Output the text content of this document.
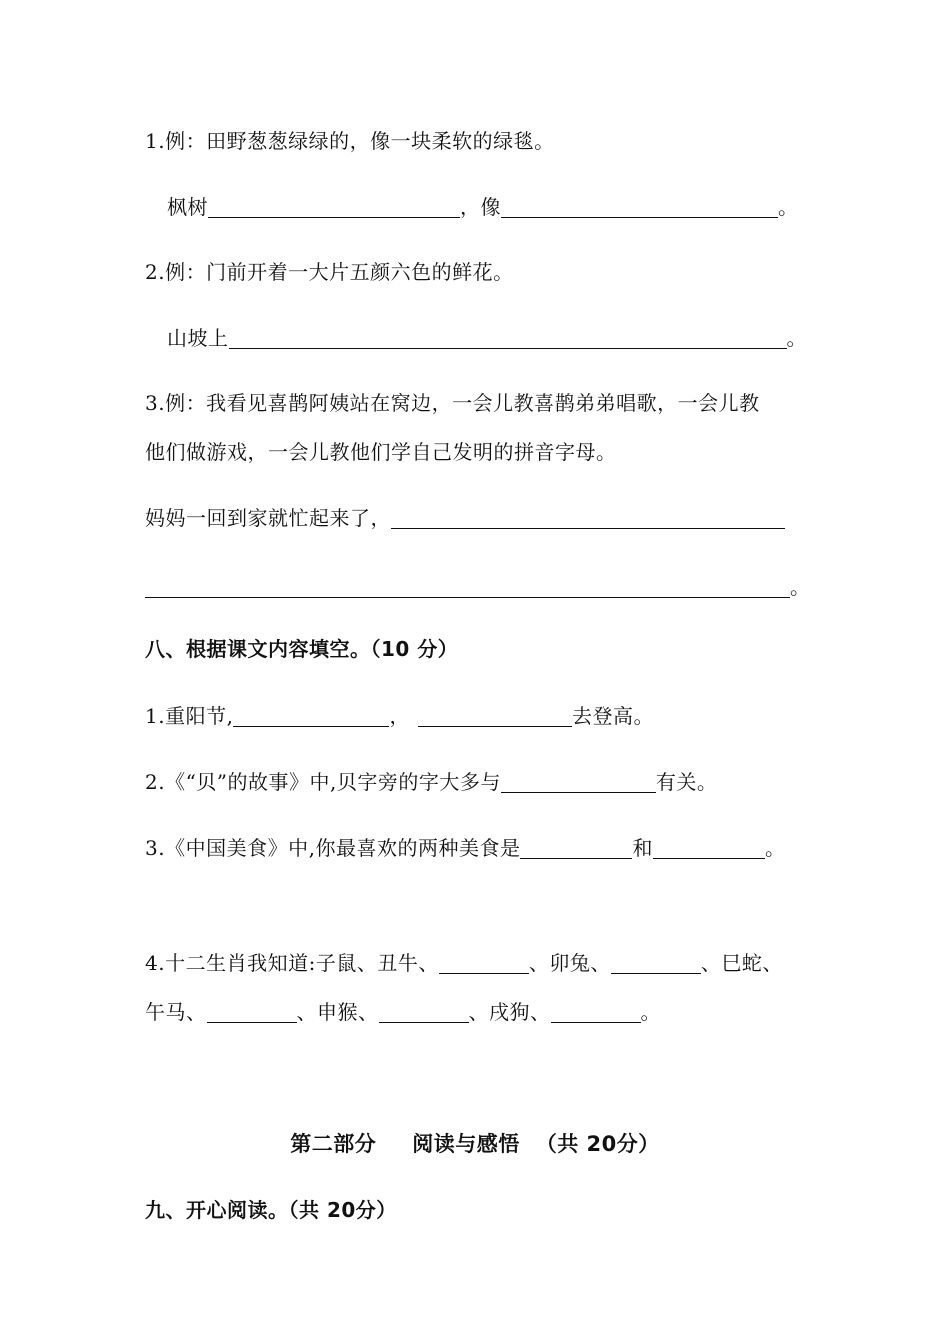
1.例：田野葱葱绿绿的，像一块柔软的绿毯。
枫树	，像	。
2.例：门前开着一大片五颜六色的鲜花。
山坡上	。
3.例：我看见喜鹊阿姨站在窝边，一会儿教喜鹊弟弟唱歌，一会儿教
他们做游戏，一会儿教他们学自己发明的拼音字母。
妈妈一回到家就忙起来了，
。
八、根据课文内容填空。（10 分）
1.重阳节,	，	去登高。
2.《“贝”的故事》中,贝字旁的字大多与	有关。
3.《中国美食》中,你最喜欢的两种美食是	和	。
4.十二生肖我知道:子鼠、丑牛、	、卯兔、	、巳蛇、
午马、	、申猴、	、戌狗、	。
第二部分 阅读与感悟 （共 20分）
九、开心阅读。（共 20分）
